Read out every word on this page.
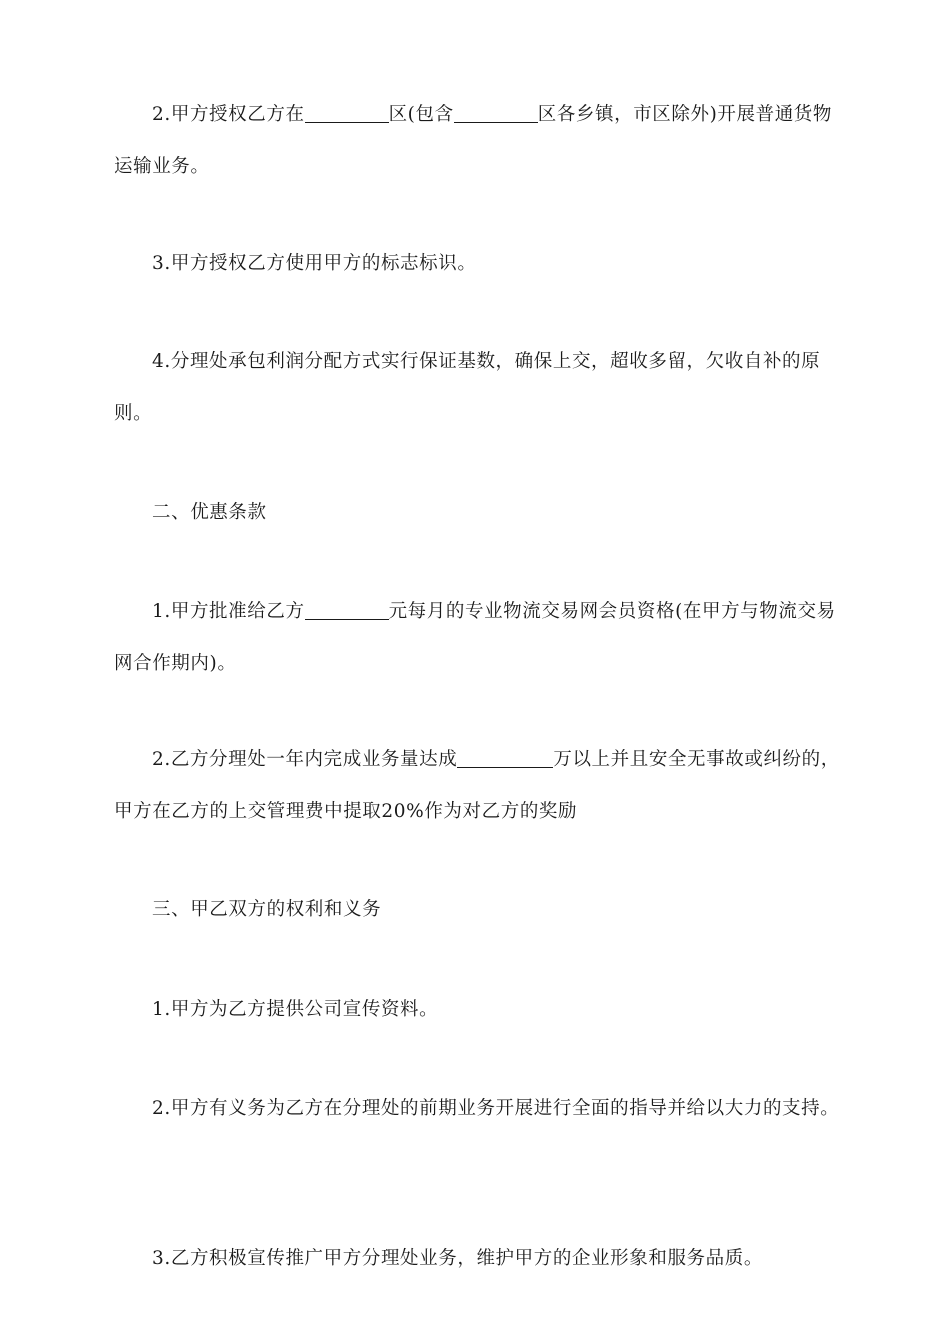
2.甲方授权乙方在	区(包含	区各乡镇，市区除外)开展普通货物运输业务。

3.甲方授权乙方使用甲方的标志标识。

4.分理处承包利润分配方式实行保证基数，确保上交，超收多留，欠收自补的原则。

二、优惠条款

1.甲方批准给乙方	元每月的专业物流交易网会员资格(在甲方与物流交易网合作期内)。

2.乙方分理处一年内完成业务量达成	万以上并且安全无事故或纠纷的，甲方在乙方的上交管理费中提取20%作为对乙方的奖励

三、甲乙双方的权利和义务

1.甲方为乙方提供公司宣传资料。

2.甲方有义务为乙方在分理处的前期业务开展进行全面的指导并给以大力的支持。

3.乙方积极宣传推广甲方分理处业务，维护甲方的企业形象和服务品质。
